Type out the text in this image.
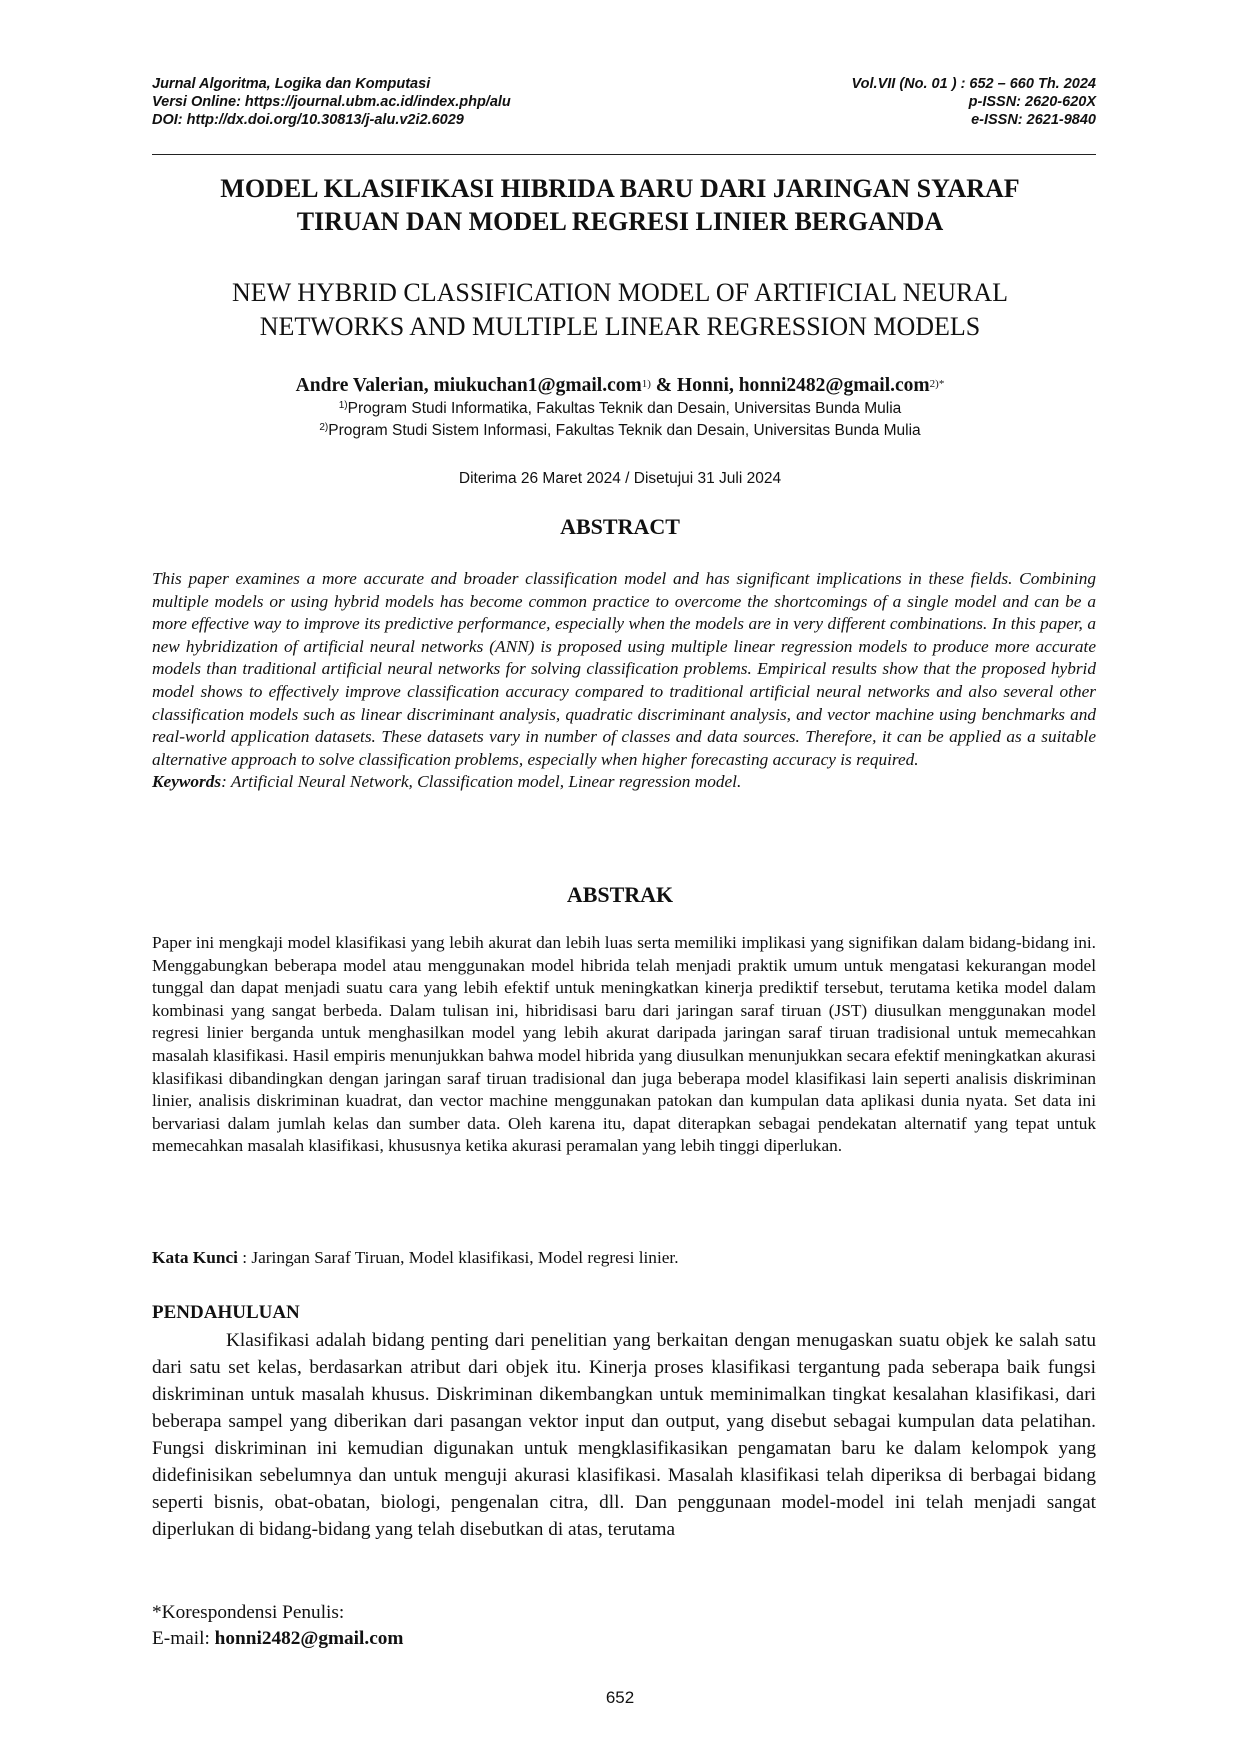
Jurnal Algoritma, Logika dan Komputasi	Vol.VII (No. 01 ) : 652 – 660 Th. 2024
Versi Online: https://journal.ubm.ac.id/index.php/alu	p-ISSN: 2620-620X
DOI: http://dx.doi.org/10.30813/j-alu.v2i2.6029	e-ISSN: 2621-9840
MODEL KLASIFIKASI HIBRIDA BARU DARI JARINGAN SYARAF
TIRUAN DAN MODEL REGRESI LINIER BERGANDA
NEW HYBRID CLASSIFICATION MODEL OF ARTIFICIAL NEURAL
NETWORKS AND MULTIPLE LINEAR REGRESSION MODELS
Andre Valerian, miukuchan1@gmail.com$^{1)}$ & Honni, honni2482@gmail.com$^{2)*}$
$^{1)}$Program Studi Informatika, Fakultas Teknik dan Desain, Universitas Bunda Mulia
$^{2)}$Program Studi Sistem Informasi, Fakultas Teknik dan Desain, Universitas Bunda Mulia
Diterima 26 Maret 2024 / Disetujui 31 Juli 2024
ABSTRACT
This paper examines a more accurate and broader classification model and has significant implications in these fields. Combining multiple models or using hybrid models has become common practice to overcome the shortcomings of a single model and can be a more effective way to improve its predictive performance, especially when the models are in very different combinations. In this paper, a new hybridization of artificial neural networks (ANN) is proposed using multiple linear regression models to produce more accurate models than traditional artificial neural networks for solving classification problems. Empirical results show that the proposed hybrid model shows to effectively improve classification accuracy compared to traditional artificial neural networks and also several other classification models such as linear discriminant analysis, quadratic discriminant analysis, and vector machine using benchmarks and real-world application datasets. These datasets vary in number of classes and data sources. Therefore, it can be applied as a suitable alternative approach to solve classification problems, especially when higher forecasting accuracy is required.
Keywords: Artificial Neural Network, Classification model, Linear regression model.
ABSTRAK
Paper ini mengkaji model klasifikasi yang lebih akurat dan lebih luas serta memiliki implikasi yang signifikan dalam bidang-bidang ini. Menggabungkan beberapa model atau menggunakan model hibrida telah menjadi praktik umum untuk mengatasi kekurangan model tunggal dan dapat menjadi suatu cara yang lebih efektif untuk meningkatkan kinerja prediktif tersebut, terutama ketika model dalam kombinasi yang sangat berbeda. Dalam tulisan ini, hibridisasi baru dari jaringan saraf tiruan (JST) diusulkan menggunakan model regresi linier berganda untuk menghasilkan model yang lebih akurat daripada jaringan saraf tiruan tradisional untuk memecahkan masalah klasifikasi. Hasil empiris menunjukkan bahwa model hibrida yang diusulkan menunjukkan secara efektif meningkatkan akurasi klasifikasi dibandingkan dengan jaringan saraf tiruan tradisional dan juga beberapa model klasifikasi lain seperti analisis diskriminan linier, analisis diskriminan kuadrat, dan vector machine menggunakan patokan dan kumpulan data aplikasi dunia nyata. Set data ini bervariasi dalam jumlah kelas dan sumber data. Oleh karena itu, dapat diterapkan sebagai pendekatan alternatif yang tepat untuk memecahkan masalah klasifikasi, khususnya ketika akurasi peramalan yang lebih tinggi diperlukan.
Kata Kunci : Jaringan Saraf Tiruan, Model klasifikasi, Model regresi linier.
PENDAHULUAN
Klasifikasi adalah bidang penting dari penelitian yang berkaitan dengan menugaskan suatu objek ke salah satu dari satu set kelas, berdasarkan atribut dari objek itu. Kinerja proses klasifikasi tergantung pada seberapa baik fungsi diskriminan untuk masalah khusus. Diskriminan dikembangkan untuk meminimalkan tingkat kesalahan klasifikasi, dari beberapa sampel yang diberikan dari pasangan vektor input dan output, yang disebut sebagai kumpulan data pelatihan. Fungsi diskriminan ini kemudian digunakan untuk mengklasifikasikan pengamatan baru ke dalam kelompok yang didefinisikan sebelumnya dan untuk menguji akurasi klasifikasi. Masalah klasifikasi telah diperiksa di berbagai bidang seperti bisnis, obat-obatan, biologi, pengenalan citra, dll. Dan penggunaan model-model ini telah menjadi sangat diperlukan di bidang-bidang yang telah disebutkan di atas, terutama
*Korespondensi Penulis:
E-mail: honni2482@gmail.com
652
